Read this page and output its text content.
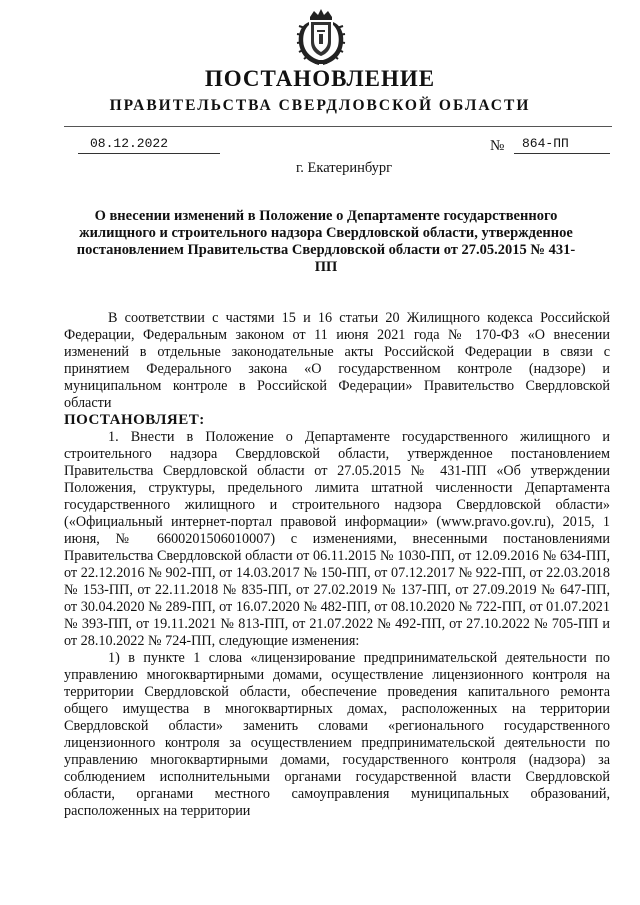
ПОСТАНОВЛЕНИЕ
ПРАВИТЕЛЬСТВА СВЕРДЛОВСКОЙ ОБЛАСТИ
08.12.2022	№	864-ПП
г. Екатеринбург
О внесении изменений в Положение о Департаменте государственного жилищного и строительного надзора Свердловской области, утвержденное постановлением Правительства Свердловской области от 27.05.2015 № 431-ПП

В соответствии с частями 15 и 16 статьи 20 Жилищного кодекса Российской Федерации, Федеральным законом от 11 июня 2021 года № 170-ФЗ «О внесении изменений в отдельные законодательные акты Российской Федерации в связи с принятием Федерального закона «О государственном контроле (надзоре) и муниципальном контроле в Российской Федерации» Правительство Свердловской области

ПОСТАНОВЛЯЕТ:

1. Внести в Положение о Департаменте государственного жилищного и строительного надзора Свердловской области, утвержденное постановлением Правительства Свердловской области от 27.05.2015 № 431-ПП «Об утверждении Положения, структуры, предельного лимита штатной численности Департамента государственного жилищного и строительного надзора Свердловской области» («Официальный интернет-портал правовой информации» (www.pravo.gov.ru), 2015, 1 июня, № 6600201506010007) с изменениями, внесенными постановлениями Правительства Свердловской области от 06.11.2015 № 1030-ПП, от 12.09.2016 № 634-ПП, от 22.12.2016 № 902-ПП, от 14.03.2017 № 150-ПП, от 07.12.2017 № 922-ПП, от 22.03.2018 № 153-ПП, от 22.11.2018 № 835-ПП, от 27.02.2019 № 137-ПП, от 27.09.2019 № 647-ПП, от 30.04.2020 № 289-ПП, от 16.07.2020 № 482-ПП, от 08.10.2020 № 722-ПП, от 01.07.2021 № 393-ПП, от 19.11.2021 № 813-ПП, от 21.07.2022 № 492-ПП, от 27.10.2022 № 705-ПП и от 28.10.2022 № 724-ПП, следующие изменения:

1) в пункте 1 слова «лицензирование предпринимательской деятельности по управлению многоквартирными домами, осуществление лицензионного контроля на территории Свердловской области, обеспечение проведения капитального ремонта общего имущества в многоквартирных домах, расположенных на территории Свердловской области» заменить словами «регионального государственного лицензионного контроля за осуществлением предпринимательской деятельности по управлению многоквартирными домами, государственного контроля (надзора) за соблюдением исполнительными органами государственной власти Свердловской области, органами местного самоуправления муниципальных образований, расположенных на территории
